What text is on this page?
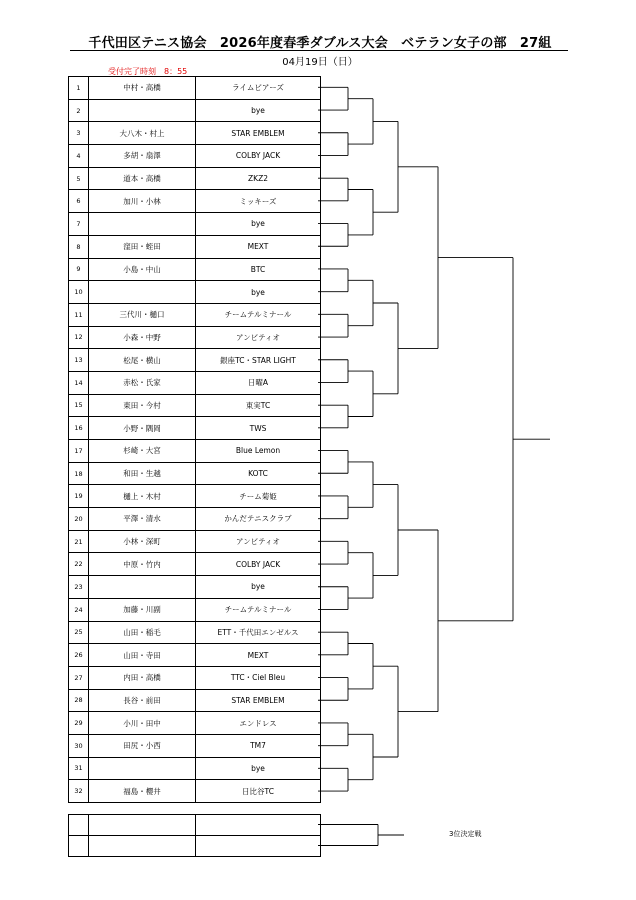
千代田区テニス協会　2026年度春季ダブルス大会　ベテラン女子の部　27組
04月19日（日）
受付完了時刻　8：55
1	中村・高橋	ライムビアーズ
2		bye
3	大八木・村上	STAR EMBLEM
4	多胡・扇澤	COLBY JACK
5	道本・高橋	ZKZ2
6	加川・小林	ミッキーズ
7		bye
8	窪田・蛭田	MEXT
9	小島・中山	BTC
10		bye
11	三代川・樋口	チームテルミナール
12	小森・中野	アンビティオ
13	松尾・横山	銀座TC・STAR LIGHT
14	赤松・氏家	日曜A
15	東田・今村	東実TC
16	小野・隅岡	TWS
17	杉崎・大宮	Blue Lemon
18	和田・生越	KOTC
19	樋上・木村	チーム菊姫
20	平澤・清水	かんだテニスクラブ
21	小林・深町	アンビティオ
22	中原・竹内	COLBY JACK
23		bye
24	加藤・川副	チームテルミナール
25	山田・稲毛	ETT・千代田エンゼルス
26	山田・寺田	MEXT
27	内田・高橋	TTC・Ciel Bleu
28	長谷・前田	STAR EMBLEM
29	小川・田中	エンドレス
30	田尻・小西	TM7
31		bye
32	福島・櫻井	日比谷TC

3位決定戦
